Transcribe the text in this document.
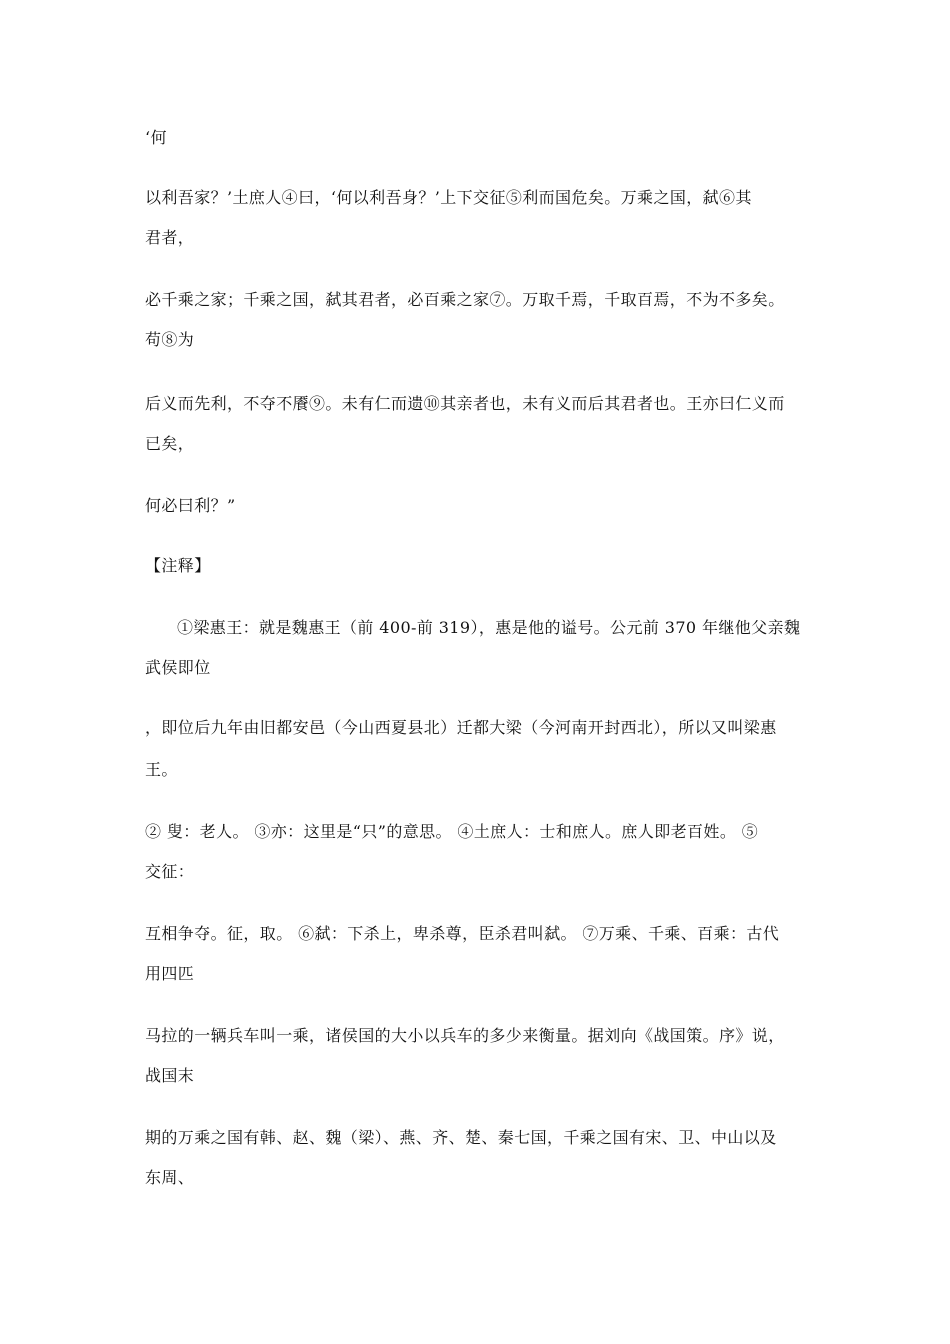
‘何
以利吾家？’土庶人④曰，‘何以利吾身？’上下交征⑤利而国危矣。万乘之国，弑⑥其
君者，
必千乘之家；千乘之国，弑其君者，必百乘之家⑦。万取千焉，千取百焉，不为不多矣。
苟⑧为
后义而先利，不夺不餍⑨。未有仁而遗⑩其亲者也，未有义而后其君者也。王亦曰仁义而
已矣，
何必曰利？”
【注释】
①梁惠王：就是魏惠王（前 400-前 319），惠是他的谥号。公元前 370 年继他父亲魏
武侯即位
，即位后九年由旧都安邑（今山西夏县北）迁都大梁（今河南开封西北），所以又叫梁惠
王。
② 叟：老人。 ③亦：这里是“只”的意思。 ④土庶人：士和庶人。庶人即老百姓。 ⑤
交征：
互相争夺。征，取。 ⑥弑：下杀上，卑杀尊，臣杀君叫弑。 ⑦万乘、千乘、百乘：古代
用四匹
马拉的一辆兵车叫一乘，诸侯国的大小以兵车的多少来衡量。据刘向《战国策。序》说，
战国末
期的万乘之国有韩、赵、魏（梁）、燕、齐、楚、秦七国，千乘之国有宋、卫、中山以及
东周、
